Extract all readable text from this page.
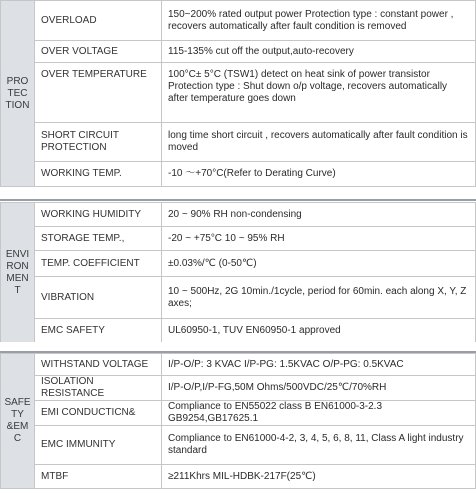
PRO
TEC
TION	OVERLOAD	150~200% rated output power Protection type : constant power , recovers automatically after fault condition is removed
	OVER VOLTAGE	115-135% cut off the output,auto-recovery
	OVER TEMPERATURE	100°C± 5°C (TSW1) detect on heat sink of power transistor Protection type : Shut down o/p voltage, recovers automatically after temperature goes down
	SHORT CIRCUIT PROTECTION	long time short circuit , recovers automatically after fault condition is moved
	WORKING TEMP.	-10 ～+70°C(Refer to Derating Curve)
ENVI
RON
MEN
T	WORKING HUMIDITY	20 ~ 90% RH non-condensing
	STORAGE TEMP.,	-20 ~ +75°C 10 ~ 95% RH
	TEMP. COEFFICIENT	±0.03%/℃ (0-50℃)
	VIBRATION	10 ~ 500Hz, 2G 10min./1cycle, period for 60min. each along X, Y, Z axes;
	EMC SAFETY	UL60950-1, TUV EN60950-1 approved
SAFE
TY
&EM
C	WITHSTAND VOLTAGE	I/P-O/P: 3 KVAC I/P-PG: 1.5KVAC O/P-PG: 0.5KVAC
	ISOLATION RESISTANCE	I/P-O/P,I/P-FG,50M Ohms/500VDC/25℃/70%RH
	EMI CONDUCTICN&	Compliance to EN55022 class B EN61000-3-2.3 GB9254,GB17625.1
	EMC IMMUNITY	Compliance to EN61000-4-2, 3, 4, 5, 6, 8, 11, Class A light industry standard
	MTBF	≥211Khrs MIL-HDBK-217F(25℃)
